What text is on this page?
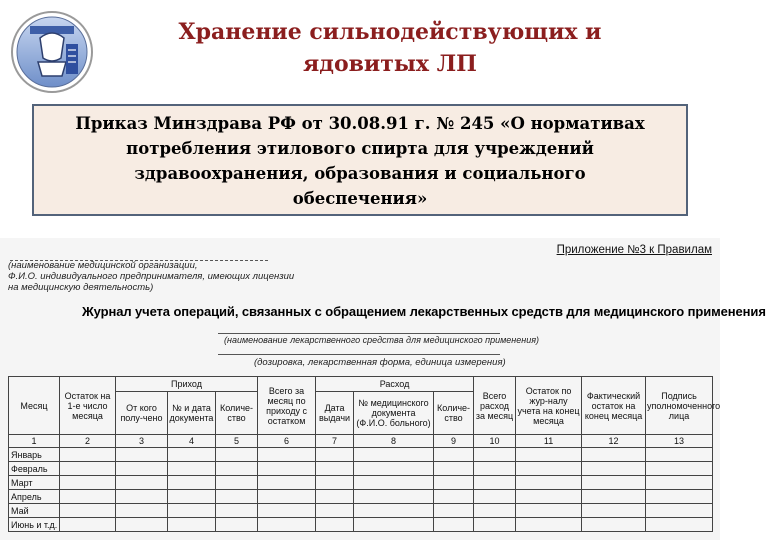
Хранение сильнодействующих и
ядовитых ЛП
Приказ Минздрава РФ от 30.08.91 г. № 245 «О нормативах
потребления этилового спирта для учреждений
здравоохранения, образования и социального
обеспечения»
Приложение №3 к Правилам
(наименование медицинской организации,
Ф.И.О. индивидуального предпринимателя, имеющих лицензии
на медицинскую деятельность)
Журнал учета операций, связанных с обращением лекарственных средств для медицинского применения
(наименование лекарственного средства для медицинского применения)
(дозировка, лекарственная форма, единица измерения)
Месяц	Остаток на 1-е число месяца	Приход			Всего за месяц по приходу с остатком	Расход			Всего расход за месяц	Остаток по жур-налу учета на конец месяца	Фактический остаток на конец месяца	Подпись уполномоченного лица
		От кого полу-чено	№ и дата документа	Количе-ство		Дата выдачи	№ медицинского документа (Ф.И.О. больного)	Количе-ство				
1	2	3	4	5	6	7	8	9	10	11	12	13
Январь												
Февраль												
Март												
Апрель												
Май												
Июнь и т.д.												
